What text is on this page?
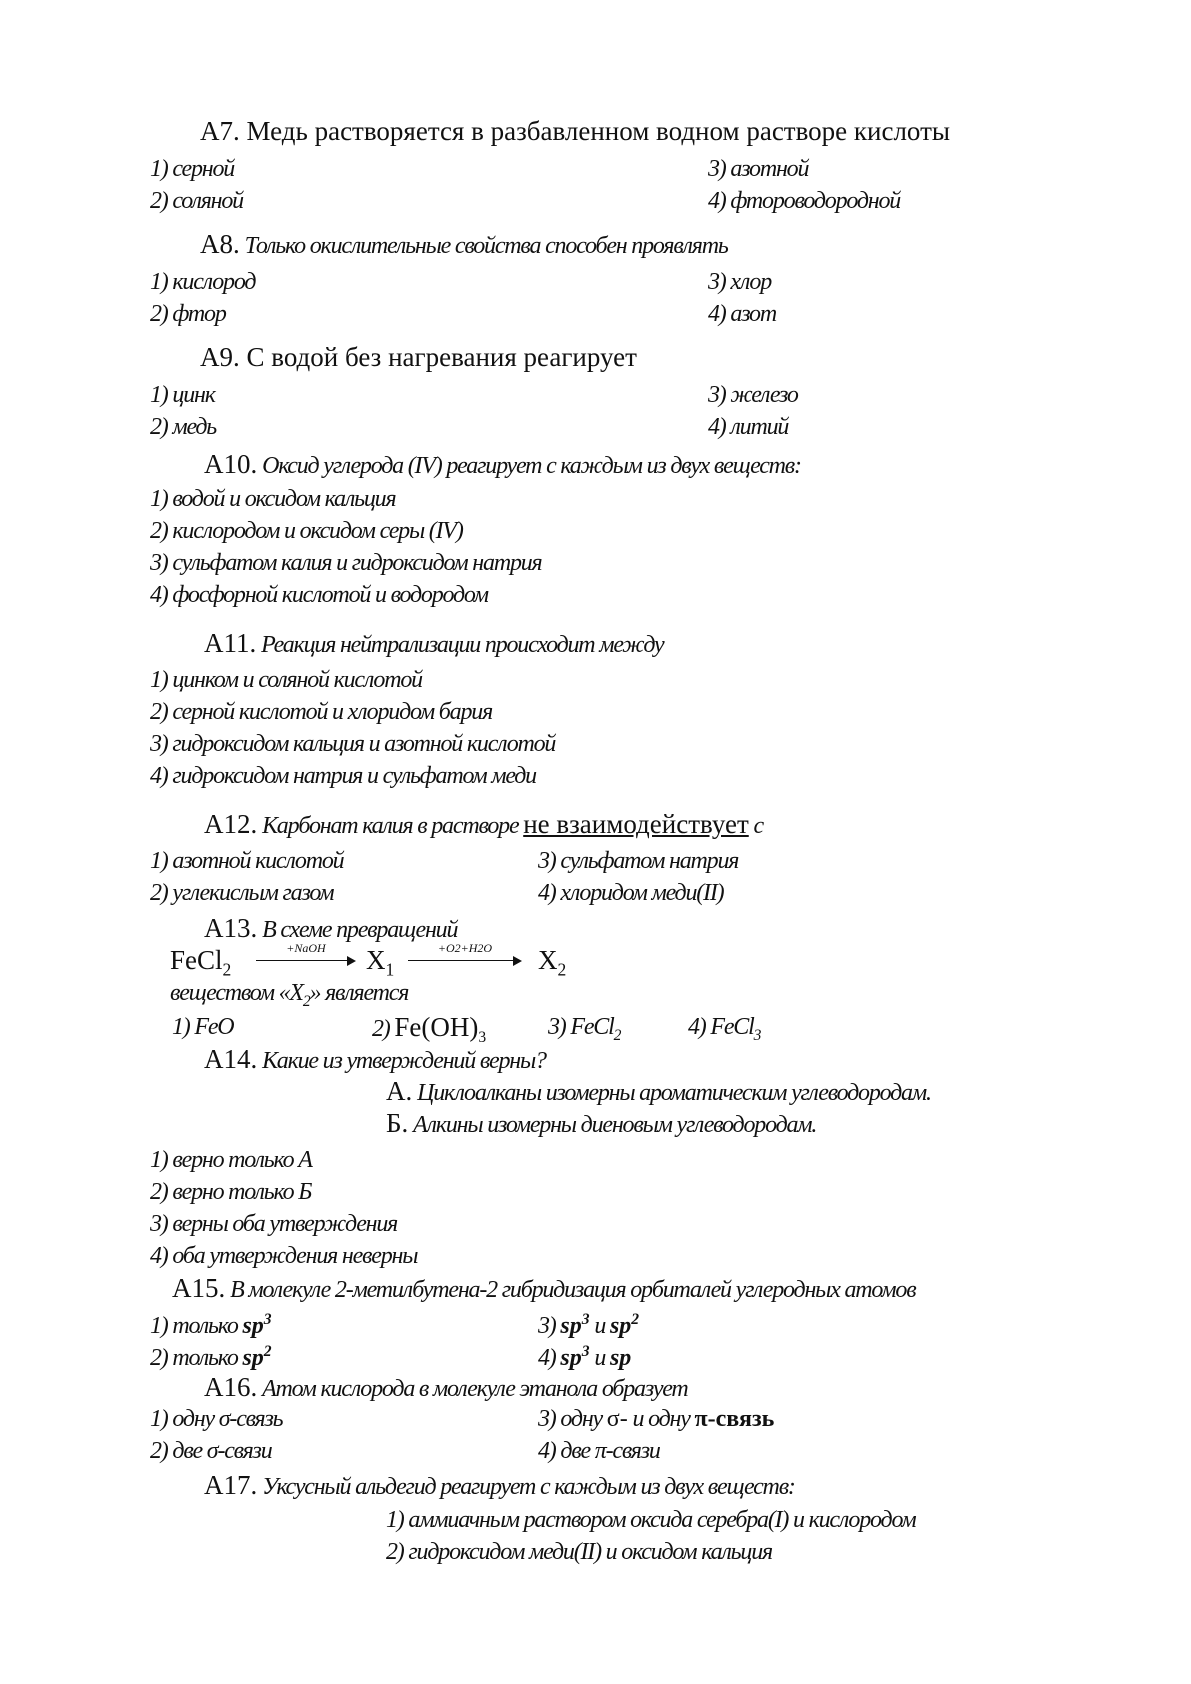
А7. Медь растворяется в разбавленном водном растворе кислоты
1) серной
2) соляной
3) азотной
4) фтороводородной
А8. Только окислительные свойства способен проявлять
1) кислород
2) фтор
3) хлор
4) азот
А9. С водой без нагревания реагирует
1) цинк
2) медь
3) железо
4) литий
А10. Оксид углерода (IV) реагирует с каждым из двух веществ:
1) водой и оксидом кальция
2) кислородом и оксидом серы (IV)
3) сульфатом калия и гидроксидом натрия
4) фосфорной кислотой и водородом
А11. Реакция нейтрализации происходит между
1) цинком и соляной кислотой
2) серной кислотой и хлоридом бария
3) гидроксидом кальция и азотной кислотой
4) гидроксидом натрия и сульфатом меди
А12. Карбонат калия в растворе не взаимодействует с
1) азотной кислотой
2) углекислым газом
3) сульфатом натрия
4) хлоридом меди(II)
А13. В схеме превращений
FeCl$_2$
+NaOH	$X_1$
+O2+H2O	$X_2$
веществом «$X_2$» является
1) FeO	2) $Fe(OH)_3$	3) FeCl$_2$	4) FeCl$_3$
А14. Какие из утверждений верны?
А. Циклоалканы изомерны ароматическим углеводородам.
Б. Алкины изомерны диеновым углеводородам.
1) верно только А
2) верно только Б
3) верны оба утверждения
4) оба утверждения неверны
А15. В молекуле 2-метилбутена-2 гибридизация орбиталей углеродных атомов
1) только $sp^3$
2) только $sp^2$
3) $sp^3$ и $sp^2$
4) $sp^3$ и sp
А16. Атом кислорода в молекуле этанола образует
1) одну σ-связь
2) две σ-связи
3) одну σ- и одну π-связь
4) две π-связи
А17. Уксусный альдегид реагирует с каждым из двух веществ:
1) аммиачным раствором оксида серебра(I) и кислородом
2) гидроксидом меди(II) и оксидом кальция
